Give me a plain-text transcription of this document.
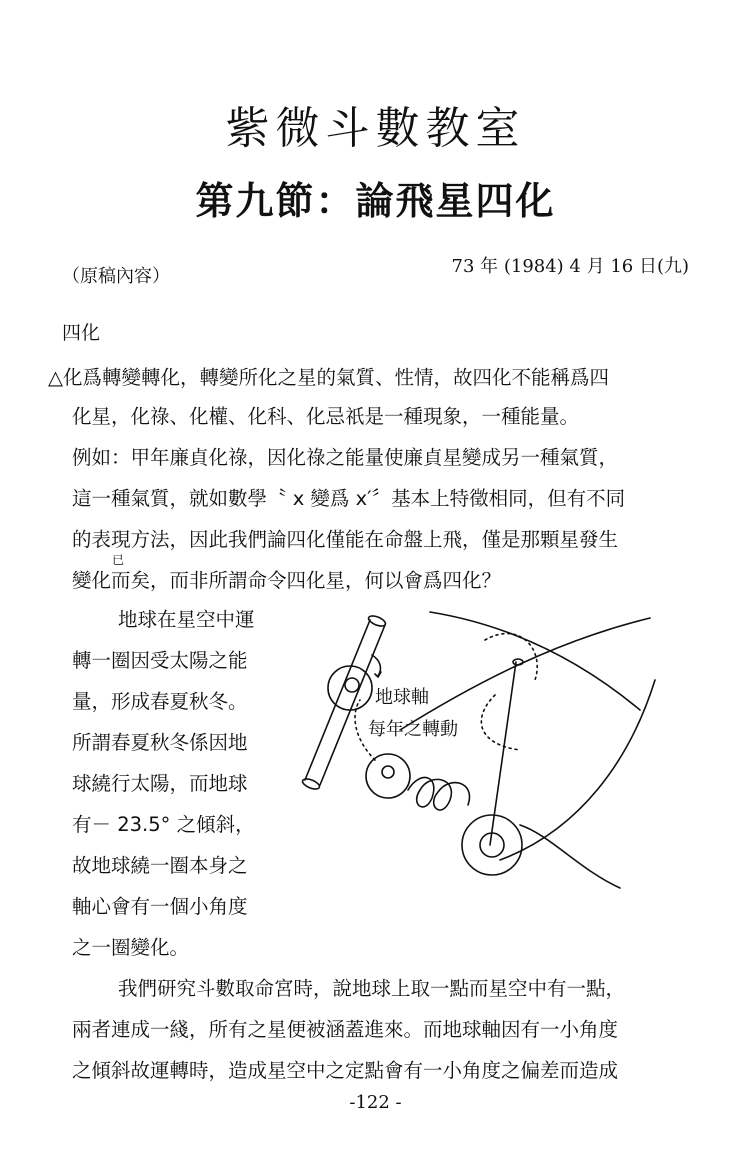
紫微斗數教室
第九節：論飛星四化
（原稿內容）	73 年 (1984) 4 月 16 日(九)
四化
△化爲轉變轉化，轉變所化之星的氣質、性情，故四化不能稱爲四
化星，化祿、化權、化科、化忌祇是一種現象，一種能量。
例如：甲年廉貞化祿，因化祿之能量使廉貞星變成另一種氣質，
這一種氣質，就如數學〝 x 變爲 x′〞基本上特徵相同，但有不同
的表現方法，因此我們論四化僅能在命盤上飛，僅是那顆星發生
已
變化而矣，而非所謂命令四化星，何以會爲四化？
地球在星空中運
轉一圈因受太陽之能
量，形成春夏秋冬。
所謂春夏秋冬係因地
球繞行太陽，而地球
有－ 23.5° 之傾斜，
故地球繞一圈本身之
軸心會有一個小角度
之一圈變化。
地球軸
每年之轉動
我們研究斗數取命宮時，說地球上取一點而星空中有一點，
兩者連成一綫，所有之星便被涵蓋進來。而地球軸因有一小角度
之傾斜故運轉時，造成星空中之定點會有一小角度之偏差而造成
-122 -
